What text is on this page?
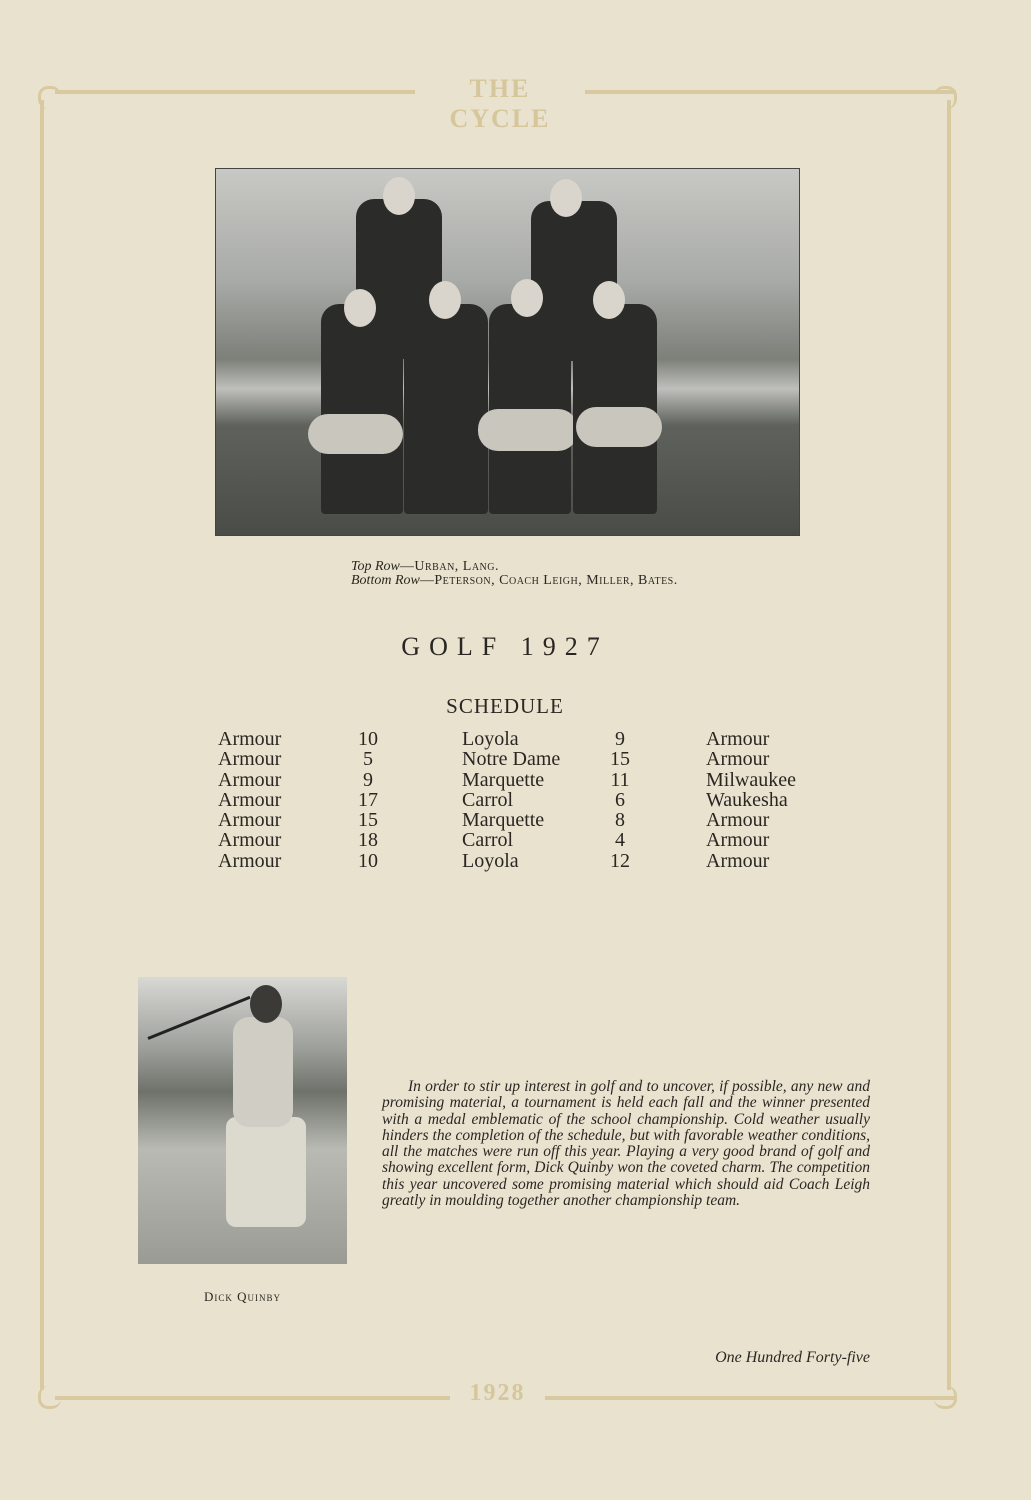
THE CYCLE
1928
Top Row—Urban, Lang.
Bottom Row—Peterson, Coach Leigh, Miller, Bates.
GOLF 1927
SCHEDULE
Armour	10	Loyola	9	Armour
Armour	5	Notre Dame	15	Armour
Armour	9	Marquette	11	Milwaukee
Armour	17	Carrol	6	Waukesha
Armour	15	Marquette	8	Armour
Armour	18	Carrol	4	Armour
Armour	10	Loyola	12	Armour
Dick Quinby
In order to stir up interest in golf and to uncover, if possible, any new and promising material, a tournament is held each fall and the winner presented with a medal emblematic of the school championship. Cold weather usually hinders the completion of the schedule, but with favorable weather conditions, all the matches were run off this year. Playing a very good brand of golf and showing excellent form, Dick Quinby won the coveted charm. The competition this year uncovered some promising material which should aid Coach Leigh greatly in moulding together another championship team.
One Hundred Forty-five
